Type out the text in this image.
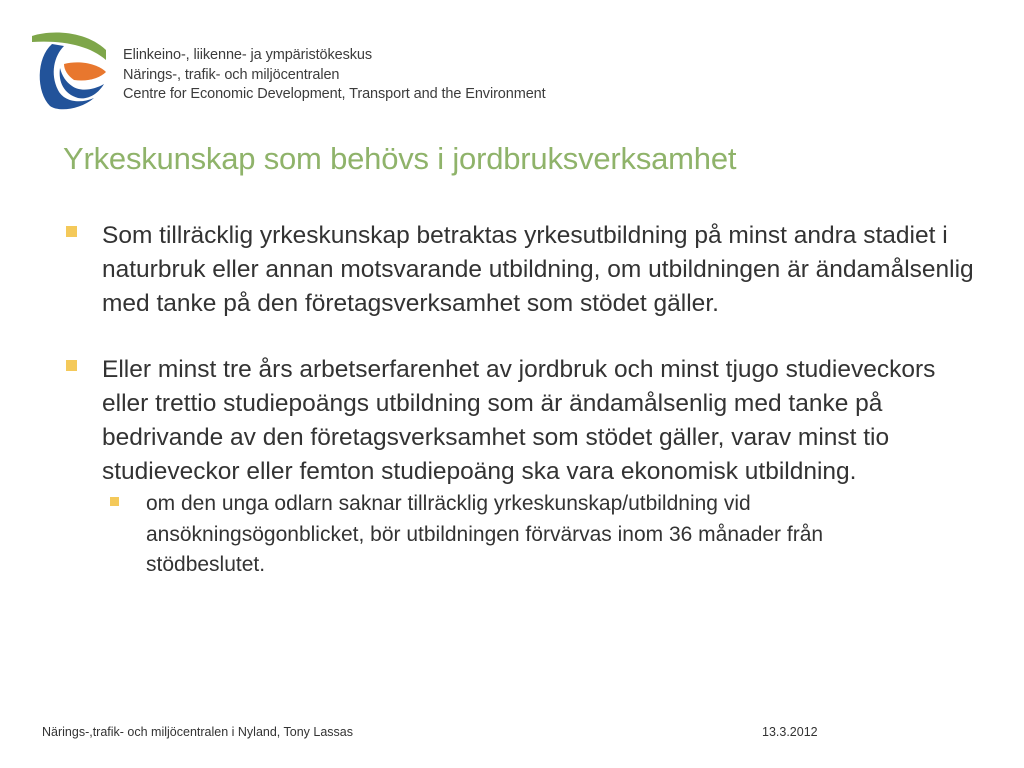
Elinkeino-, liikenne- ja ympäristökeskus
Närings-, trafik- och miljöcentralen
Centre for Economic Development, Transport and the Environment
Yrkeskunskap som behövs i jordbruksverksamhet
Som tillräcklig yrkeskunskap betraktas yrkesutbildning på minst andra stadiet i naturbruk eller annan motsvarande utbildning, om utbildningen är ändamålsenlig med tanke på den företagsverksamhet som stödet gäller.
Eller minst tre års arbetserfarenhet av jordbruk och minst tjugo studieveckors eller trettio studiepoängs utbildning som är ändamålsenlig med tanke på bedrivande av den företagsverksamhet som stödet gäller, varav minst tio studieveckor eller femton studiepoäng ska vara ekonomisk utbildning.
om den unga odlarn saknar tillräcklig yrkeskunskap/utbildning vid ansökningsögonblicket, bör utbildningen förvärvas inom 36 månader från stödbeslutet.
Närings-,trafik- och miljöcentralen i Nyland, Tony Lassas	13.3.2012
